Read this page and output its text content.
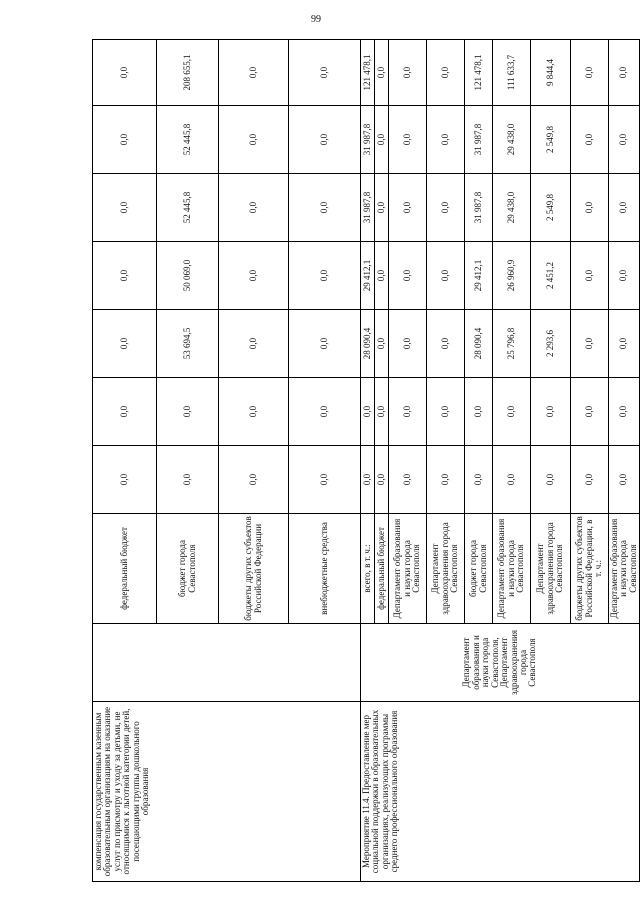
99
компенсация государственным казенным образовательным организациям на оказание услуг по присмотру и уходу за детьми, не относящимися к льготной категории детей, посещающими группы дошкольного образования		федеральный бюджет	0,0	0,0	0,0	0,0	0,0	0,0	0,0
		бюджет города Севастополя	0,0	0,0	53 694,5	50 069,0	52 445,8	52 445,8	208 655,1
		бюджеты других субъектов Российской Федерации	0,0	0,0	0,0	0,0	0,0	0,0	0,0
		внебюджетные средства	0,0	0,0	0,0	0,0	0,0	0,0	0,0
Мероприятие 11.4. Предоставление мер социальной поддержки в образовательных организациях, реализующих программы среднего профессионального образования	Департамент образования и науки города Севастополя, Департамент здравоохранения города Севастополя	всего, в т. ч.:	0,0	0,0	28 090,4	29 412,1	31 987,8	31 987,8	121 478,1
		федеральный бюджет	0,0	0,0	0,0	0,0	0,0	0,0	0,0
		Департамент образования и науки города Севастополя	0,0	0,0	0,0	0,0	0,0	0,0	0,0
		Департамент здравоохранения города Севастополя	0,0	0,0	0,0	0,0	0,0	0,0	0,0
		бюджет города Севастополя	0,0	0,0	28 090,4	29 412,1	31 987,8	31 987,8	121 478,1
		Департамент образования и науки города Севастополя	0,0	0,0	25 796,8	26 960,9	29 438,0	29 438,0	111 633,7
		Департамент здравоохранения города Севастополя	0,0	0,0	2 293,6	2 451,2	2 549,8	2 549,8	9 844,4
		бюджеты других субъектов Российской Федерации, в т. ч.:	0,0	0,0	0,0	0,0	0,0	0,0	0,0
		Департамент образования и науки города Севастополя	0,0	0,0	0,0	0,0	0,0	0,0	0,0
